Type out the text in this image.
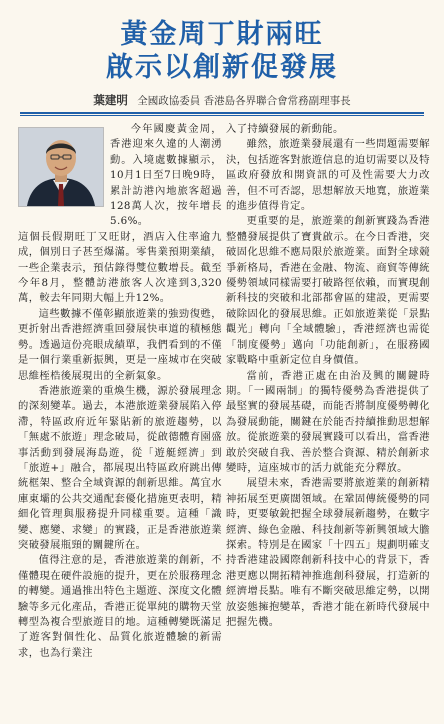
黃金周丁財兩旺
啟示以創新促發展
葉建明 全國政協委員 香港島各界聯合會常務副理事長

今年國慶黃金周，香港迎來久違的人潮湧動。入境處數據顯示，10月1日至7日晚9時，累計訪港內地旅客超過128萬人次，按年增長5.6%。

這個長假期旺丁又旺財，酒店入住率逾九成，個別日子甚至爆滿。零售業預期業績，一些企業表示，預估錄得雙位數增長。截至今年8月，整體訪港旅客人次達到3,320萬，較去年同期大幅上升12%。

這些數據不僅彰顯旅遊業的強勁復甦，更折射出香港經濟重回發展快車道的積極態勢。透過這份亮眼成績單，我們看到的不僅是一個行業重新振興，更是一座城市在突破思維桎梏後展現出的全新氣象。

香港旅遊業的重煥生機，源於發展理念的深刻變革。過去，本港旅遊業發展陷入停滯，特區政府近年緊貼新的旅遊趨勢，以「無處不旅遊」理念破局，從啟德體育園盛事活動到發展海島遊，從「遊艇經濟」到「旅遊+」融合，都展現出特區政府跳出傳統框架、整合全域資源的創新思維。萬宜水庫東壩的公共交通配套優化措施更表明，精細化管理與服務提升同樣重要。這種「識變、應變、求變」的實踐，正是香港旅遊業突破發展瓶頸的關鍵所在。

值得注意的是，香港旅遊業的創新，不僅體現在硬件設施的提升，更在於服務理念的轉變。通過推出特色主題遊、深度文化體驗等多元化產品，香港正從單純的購物天堂轉型為複合型旅遊目的地。這種轉變既滿足了遊客對個性化、品質化旅遊體驗的新需求，也為行業注

入了持續發展的新動能。

雖然，旅遊業發展還有一些問題需要解決，包括遊客對旅遊信息的迫切需要以及特區政府發放和開資訊的可及性需要大力改善，但不可否認，思想解放天地寬，旅遊業的進步值得肯定。

更重要的是，旅遊業的創新實踐為香港整體發展提供了寶貴啟示。在今日香港，突破固化思維不應局限於旅遊業。面對全球競爭新格局，香港在金融、物流、商貿等傳統優勢領域同樣需要打破路徑依賴，而實現創新科技的突破和北部都會區的建設，更需要破除固化的發展思維。正如旅遊業從「景點觀光」轉向「全域體驗」，香港經濟也需從「制度優勢」邁向「功能創新」，在服務國家戰略中重新定位自身價值。

當前，香港正處在由治及興的關鍵時期。「一國兩制」的獨特優勢為香港提供了最堅實的發展基礎，而能否將制度優勢轉化為發展動能，關鍵在於能否持續推動思想解放。從旅遊業的發展實踐可以看出，當香港敢於突破自我、善於整合資源、精於創新求變時，這座城市的活力就能充分釋放。

展望未來，香港需要將旅遊業的創新精神拓展至更廣闊領域。在鞏固傳統優勢的同時，更要敏銳把握全球發展新趨勢，在數字經濟、綠色金融、科技創新等新興領域大膽探索。特別是在國家「十四五」規劃明確支持香港建設國際創新科技中心的背景下，香港更應以開拓精神推進創科發展，打造新的經濟增長點。唯有不斷突破思維定勢，以開放姿態擁抱變革，香港才能在新時代發展中把握先機。
